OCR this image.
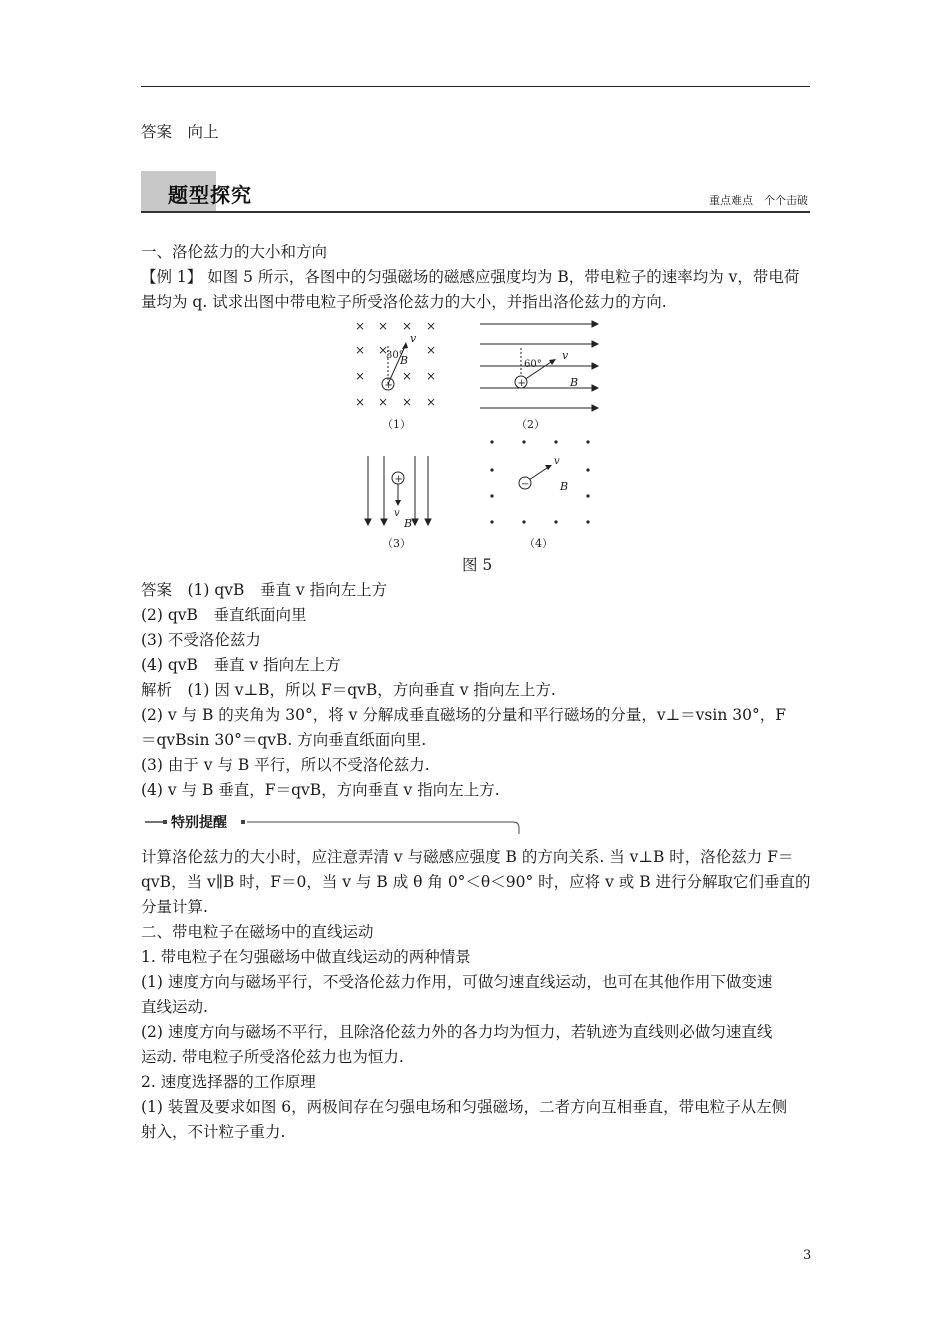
答案　向上
题型探究	重点难点　个个击破
一、洛伦兹力的大小和方向
【例 1】 如图 5 所示，各图中的匀强磁场的磁感应强度均为 B，带电粒子的速率均为 v，带电荷
量均为 q. 试求出图中带电粒子所受洛伦兹力的大小，并指出洛伦兹力的方向.
× × × ×
× ×	×
×	× ×
× × × ×
+
30°
v
B
（1）
+
60°
v
B
（2）
+
v
B
（3）
−
v
B
（4）
图 5
答案　(1) qvB　垂直 v 指向左上方
(2) qvB　垂直纸面向里
(3) 不受洛伦兹力
(4) qvB　垂直 v 指向左上方
解析　(1) 因 v⊥B，所以 F＝qvB，方向垂直 v 指向左上方.
(2) v 与 B 的夹角为 30°，将 v 分解成垂直磁场的分量和平行磁场的分量，v⊥＝vsin 30°，F
＝qvBsin 30°＝qvB. 方向垂直纸面向里.
(3) 由于 v 与 B 平行，所以不受洛伦兹力.
(4) v 与 B 垂直，F＝qvB，方向垂直 v 指向左上方.
特别提醒
计算洛伦兹力的大小时，应注意弄清 v 与磁感应强度 B 的方向关系. 当 v⊥B 时，洛伦兹力 F＝
qvB，当 v∥B 时，F＝0，当 v 与 B 成 θ 角 0°＜θ＜90° 时，应将 v 或 B 进行分解取它们垂直的
分量计算.
二、带电粒子在磁场中的直线运动
1. 带电粒子在匀强磁场中做直线运动的两种情景
(1) 速度方向与磁场平行，不受洛伦兹力作用，可做匀速直线运动，也可在其他作用下做变速
直线运动.
(2) 速度方向与磁场不平行，且除洛伦兹力外的各力均为恒力，若轨迹为直线则必做匀速直线
运动. 带电粒子所受洛伦兹力也为恒力.
2. 速度选择器的工作原理
(1) 装置及要求如图 6，两极间存在匀强电场和匀强磁场，二者方向互相垂直，带电粒子从左侧
射入，不计粒子重力.
3
